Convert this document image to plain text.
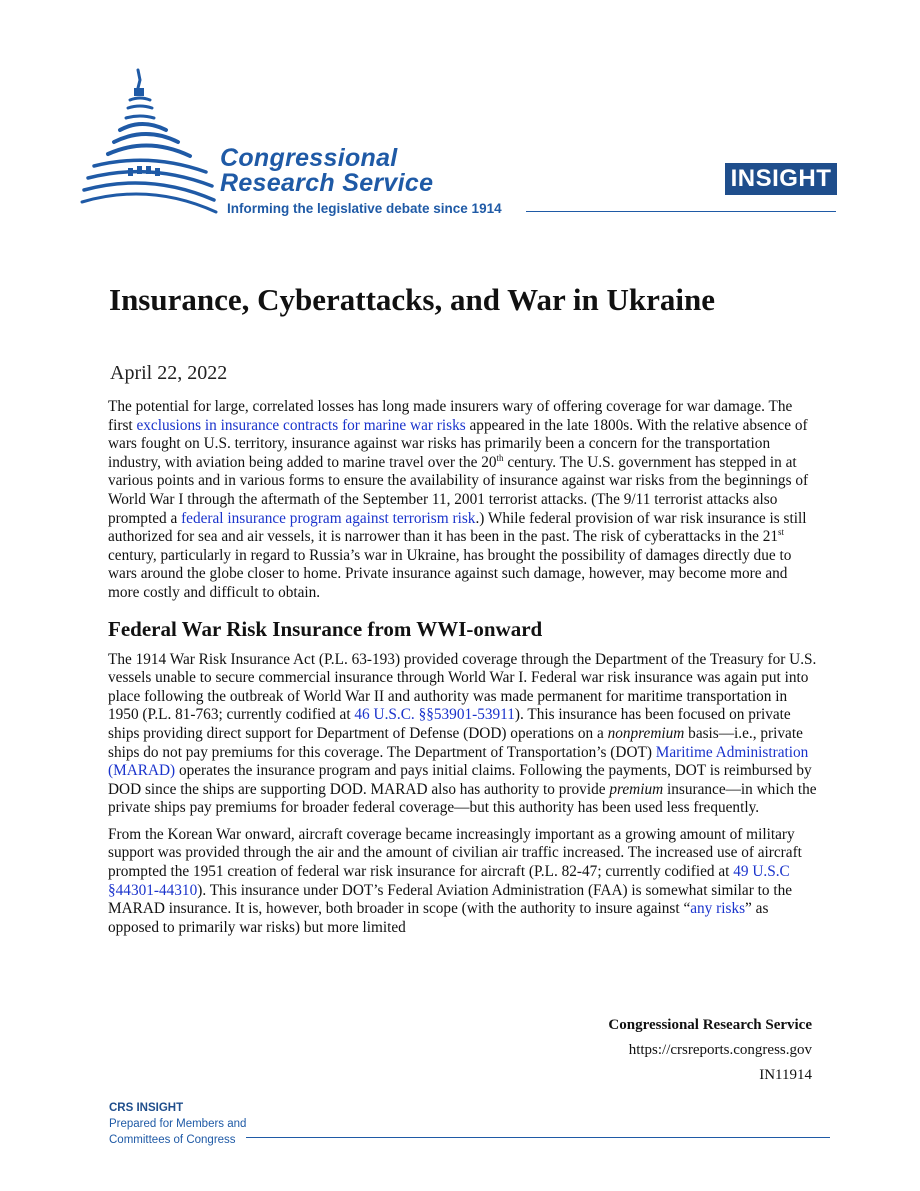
Congressional
Research Service
Informing the legislative debate since 1914
INSIGHT
Insurance, Cyberattacks, and War in Ukraine
April 22, 2022

The potential for large, correlated losses has long made insurers wary of offering coverage for war damage. The first exclusions in insurance contracts for marine war risks appeared in the late 1800s. With the relative absence of wars fought on U.S. territory, insurance against war risks has primarily been a concern for the transportation industry, with aviation being added to marine travel over the 20th century. The U.S. government has stepped in at various points and in various forms to ensure the availability of insurance against war risks from the beginnings of World War I through the aftermath of the September 11, 2001 terrorist attacks. (The 9/11 terrorist attacks also prompted a federal insurance program against terrorism risk.) While federal provision of war risk insurance is still authorized for sea and air vessels, it is narrower than it has been in the past. The risk of cyberattacks in the 21st century, particularly in regard to Russia’s war in Ukraine, has brought the possibility of damages directly due to wars around the globe closer to home. Private insurance against such damage, however, may become more and more costly and difficult to obtain.

Federal War Risk Insurance from WWI-onward

The 1914 War Risk Insurance Act (P.L. 63-193) provided coverage through the Department of the Treasury for U.S. vessels unable to secure commercial insurance through World War I. Federal war risk insurance was again put into place following the outbreak of World War II and authority was made permanent for maritime transportation in 1950 (P.L. 81-763; currently codified at 46 U.S.C. §§53901-53911). This insurance has been focused on private ships providing direct support for Department of Defense (DOD) operations on a nonpremium basis—i.e., private ships do not pay premiums for this coverage. The Department of Transportation’s (DOT) Maritime Administration (MARAD) operates the insurance program and pays initial claims. Following the payments, DOT is reimbursed by DOD since the ships are supporting DOD. MARAD also has authority to provide premium insurance—in which the private ships pay premiums for broader federal coverage—but this authority has been used less frequently.

From the Korean War onward, aircraft coverage became increasingly important as a growing amount of military support was provided through the air and the amount of civilian air traffic increased. The increased use of aircraft prompted the 1951 creation of federal war risk insurance for aircraft (P.L. 82-47; currently codified at 49 U.S.C §44301-44310). This insurance under DOT’s Federal Aviation Administration (FAA) is somewhat similar to the MARAD insurance. It is, however, both broader in scope (with the authority to insure against “any risks” as opposed to primarily war risks) but more limited

Congressional Research Service
https://crsreports.congress.gov
IN11914
CRS INSIGHT
Prepared for Members and
Committees of Congress
